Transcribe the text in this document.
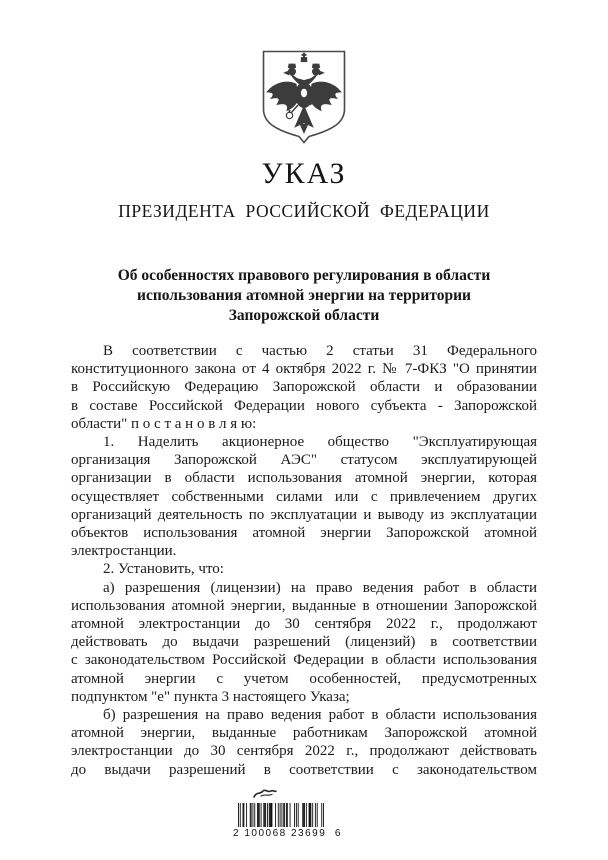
УКАЗ
ПРЕЗИДЕНТА РОССИЙСКОЙ ФЕДЕРАЦИИ
Об особенностях правового регулирования в области
использования атомной энергии на территории
Запорожской области
В соответствии с частью 2 статьи 31 Федерального
конституционного закона от 4 октября 2022 г. № 7-ФКЗ "О принятии
в Российскую Федерацию Запорожской области и образовании
в составе Российской Федерации нового субъекта - Запорожской
области" п о с т а н о в л я ю:
1. Наделить акционерное общество "Эксплуатирующая
организация Запорожской АЭС" статусом эксплуатирующей
организации в области использования атомной энергии, которая
осуществляет собственными силами или с привлечением других
организаций деятельность по эксплуатации и выводу из эксплуатации
объектов использования атомной энергии Запорожской атомной
электростанции.
2. Установить, что:
а) разрешения (лицензии) на право ведения работ в области
использования атомной энергии, выданные в отношении Запорожской
атомной электростанции до 30 сентября 2022 г., продолжают
действовать до выдачи разрешений (лицензий) в соответствии
с законодательством Российской Федерации в области использования
атомной энергии с учетом особенностей, предусмотренных
подпунктом "е" пункта 3 настоящего Указа;
б) разрешения на право ведения работ в области использования
атомной энергии, выданные работникам Запорожской атомной
электростанции до 30 сентября 2022 г., продолжают действовать
до выдачи разрешений в соответствии с законодательством
2 100068 23699  6
